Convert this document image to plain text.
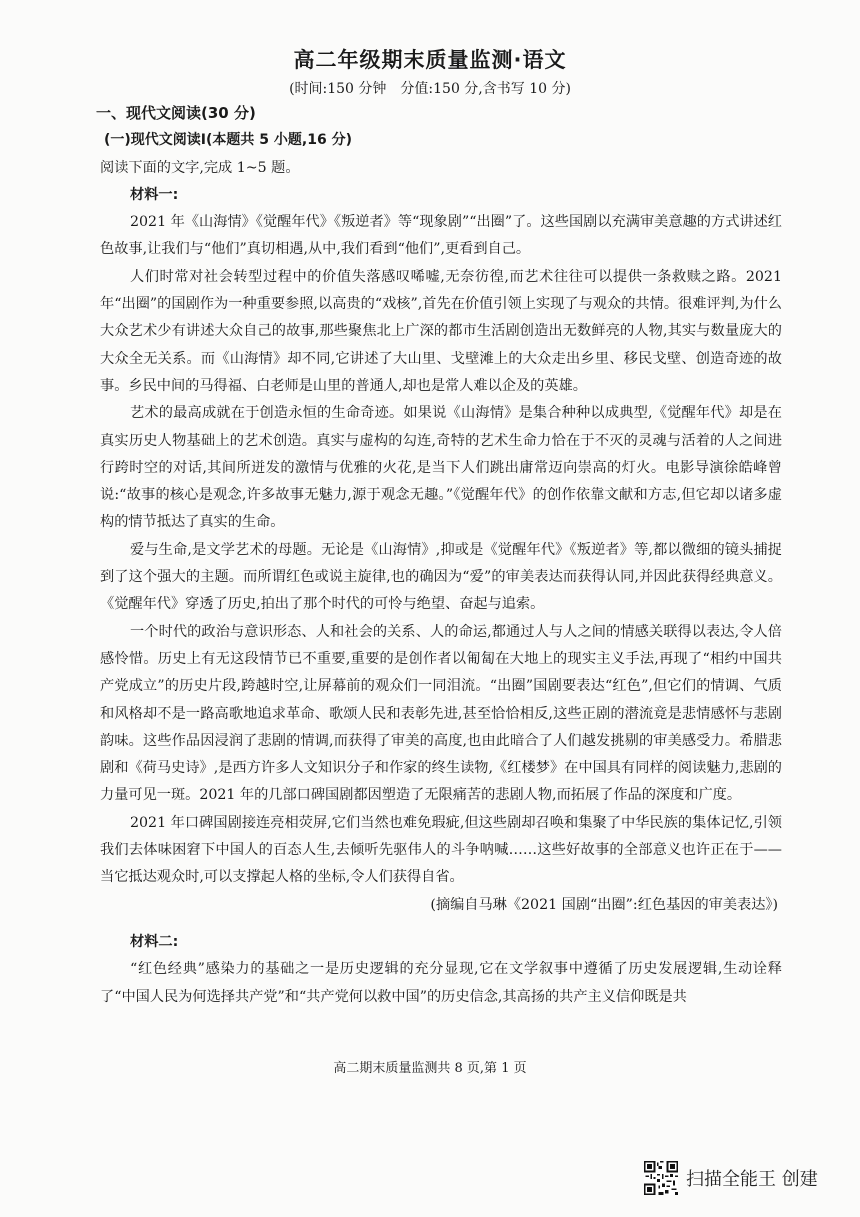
高二年级期末质量监测·语文
(时间:150 分钟　分值:150 分,含书写 10 分)
一、现代文阅读(30 分)
(一)现代文阅读Ⅰ(本题共 5 小题,16 分)
阅读下面的文字,完成 1~5 题。
材料一:

2021 年《山海情》《觉醒年代》《叛逆者》等“现象剧”“出圈”了。这些国剧以充满审美意趣的方式讲述红色故事,让我们与“他们”真切相遇,从中,我们看到“他们”,更看到自己。

人们时常对社会转型过程中的价值失落感叹唏嘘,无奈彷徨,而艺术往往可以提供一条救赎之路。2021 年“出圈”的国剧作为一种重要参照,以高贵的“戏核”,首先在价值引领上实现了与观众的共情。很难评判,为什么大众艺术少有讲述大众自己的故事,那些聚焦北上广深的都市生活剧创造出无数鲜亮的人物,其实与数量庞大的大众全无关系。而《山海情》却不同,它讲述了大山里、戈壁滩上的大众走出乡里、移民戈壁、创造奇迹的故事。乡民中间的马得福、白老师是山里的普通人,却也是常人难以企及的英雄。

艺术的最高成就在于创造永恒的生命奇迹。如果说《山海情》是集合种种以成典型,《觉醒年代》却是在真实历史人物基础上的艺术创造。真实与虚构的勾连,奇特的艺术生命力恰在于不灭的灵魂与活着的人之间进行跨时空的对话,其间所迸发的激情与优雅的火花,是当下人们跳出庸常迈向崇高的灯火。电影导演徐皓峰曾说:“故事的核心是观念,许多故事无魅力,源于观念无趣。”《觉醒年代》的创作依靠文献和方志,但它却以诸多虚构的情节抵达了真实的生命。

爱与生命,是文学艺术的母题。无论是《山海情》,抑或是《觉醒年代》《叛逆者》等,都以微细的镜头捕捉到了这个强大的主题。而所谓红色或说主旋律,也的确因为“爱”的审美表达而获得认同,并因此获得经典意义。《觉醒年代》穿透了历史,拍出了那个时代的可怜与绝望、奋起与追索。

一个时代的政治与意识形态、人和社会的关系、人的命运,都通过人与人之间的情感关联得以表达,令人倍感怜惜。历史上有无这段情节已不重要,重要的是创作者以匍匐在大地上的现实主义手法,再现了“相约中国共产党成立”的历史片段,跨越时空,让屏幕前的观众们一同泪流。“出圈”国剧要表达“红色”,但它们的情调、气质和风格却不是一路高歌地追求革命、歌颂人民和表彰先进,甚至恰恰相反,这些正剧的潜流竟是悲情感怀与悲剧韵味。这些作品因浸润了悲剧的情调,而获得了审美的高度,也由此暗合了人们越发挑剔的审美感受力。希腊悲剧和《荷马史诗》,是西方许多人文知识分子和作家的终生读物,《红楼梦》在中国具有同样的阅读魅力,悲剧的力量可见一斑。2021 年的几部口碑国剧都因塑造了无限痛苦的悲剧人物,而拓展了作品的深度和广度。

2021 年口碑国剧接连亮相荧屏,它们当然也难免瑕疵,但这些剧却召唤和集聚了中华民族的集体记忆,引领我们去体味困窘下中国人的百态人生,去倾听先驱伟人的斗争呐喊……这些好故事的全部意义也许正在于——当它抵达观众时,可以支撑起人格的坐标,令人们获得自省。

(摘编自马琳《2021 国剧“出圈”:红色基因的审美表达》)

材料二:

“红色经典”感染力的基础之一是历史逻辑的充分显现,它在文学叙事中遵循了历史发展逻辑,生动诠释了“中国人民为何选择共产党”和“共产党何以救中国”的历史信念,其高扬的共产主义信仰既是共

高二期末质量监测共 8 页,第 1 页
扫描全能王 创建
